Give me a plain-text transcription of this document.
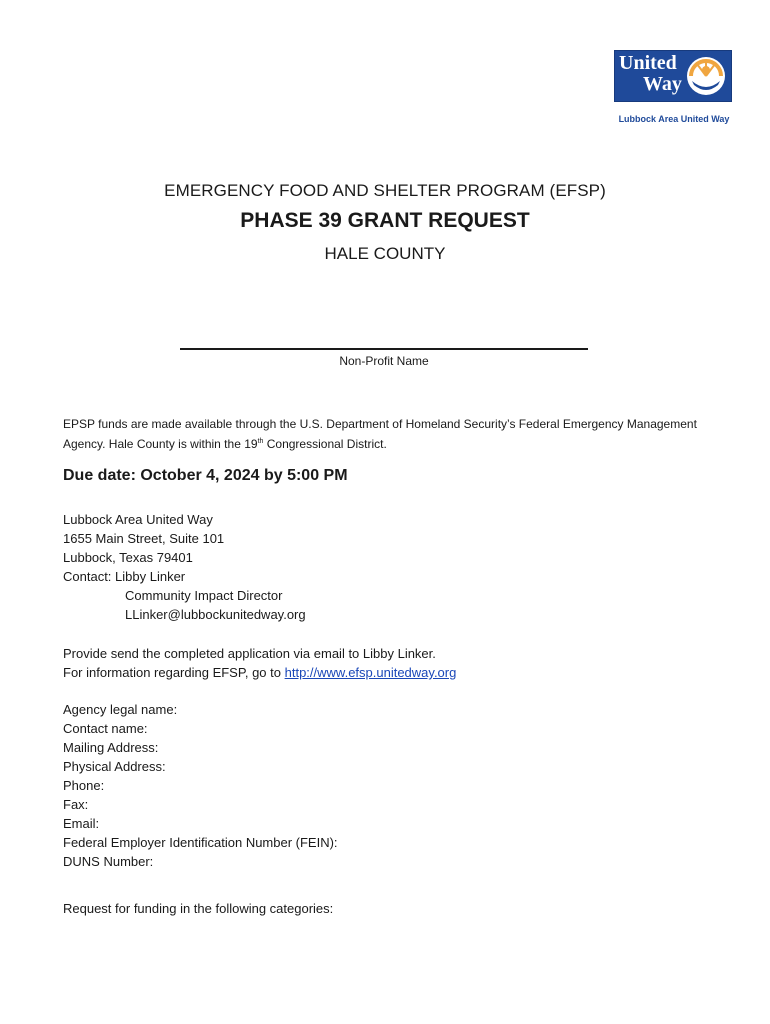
United
Way
Lubbock Area United Way
EMERGENCY FOOD AND SHELTER PROGRAM (EFSP)
PHASE 39 GRANT REQUEST
HALE COUNTY
Non-Profit Name
EPSP funds are made available through the U.S. Department of Homeland Security’s Federal Emergency Management Agency. Hale County is within the 19th Congressional District.
Due date: October 4, 2024 by 5:00 PM
Lubbock Area United Way
1655 Main Street, Suite 101
Lubbock, Texas 79401
Contact: Libby Linker
Community Impact Director
LLinker@lubbockunitedway.org
Provide send the completed application via email to Libby Linker.
For information regarding EFSP, go to http://www.efsp.unitedway.org
Agency legal name:
Contact name:
Mailing Address:
Physical Address:
Phone:
Fax:
Email:
Federal Employer Identification Number (FEIN):
DUNS Number:
Request for funding in the following categories:
